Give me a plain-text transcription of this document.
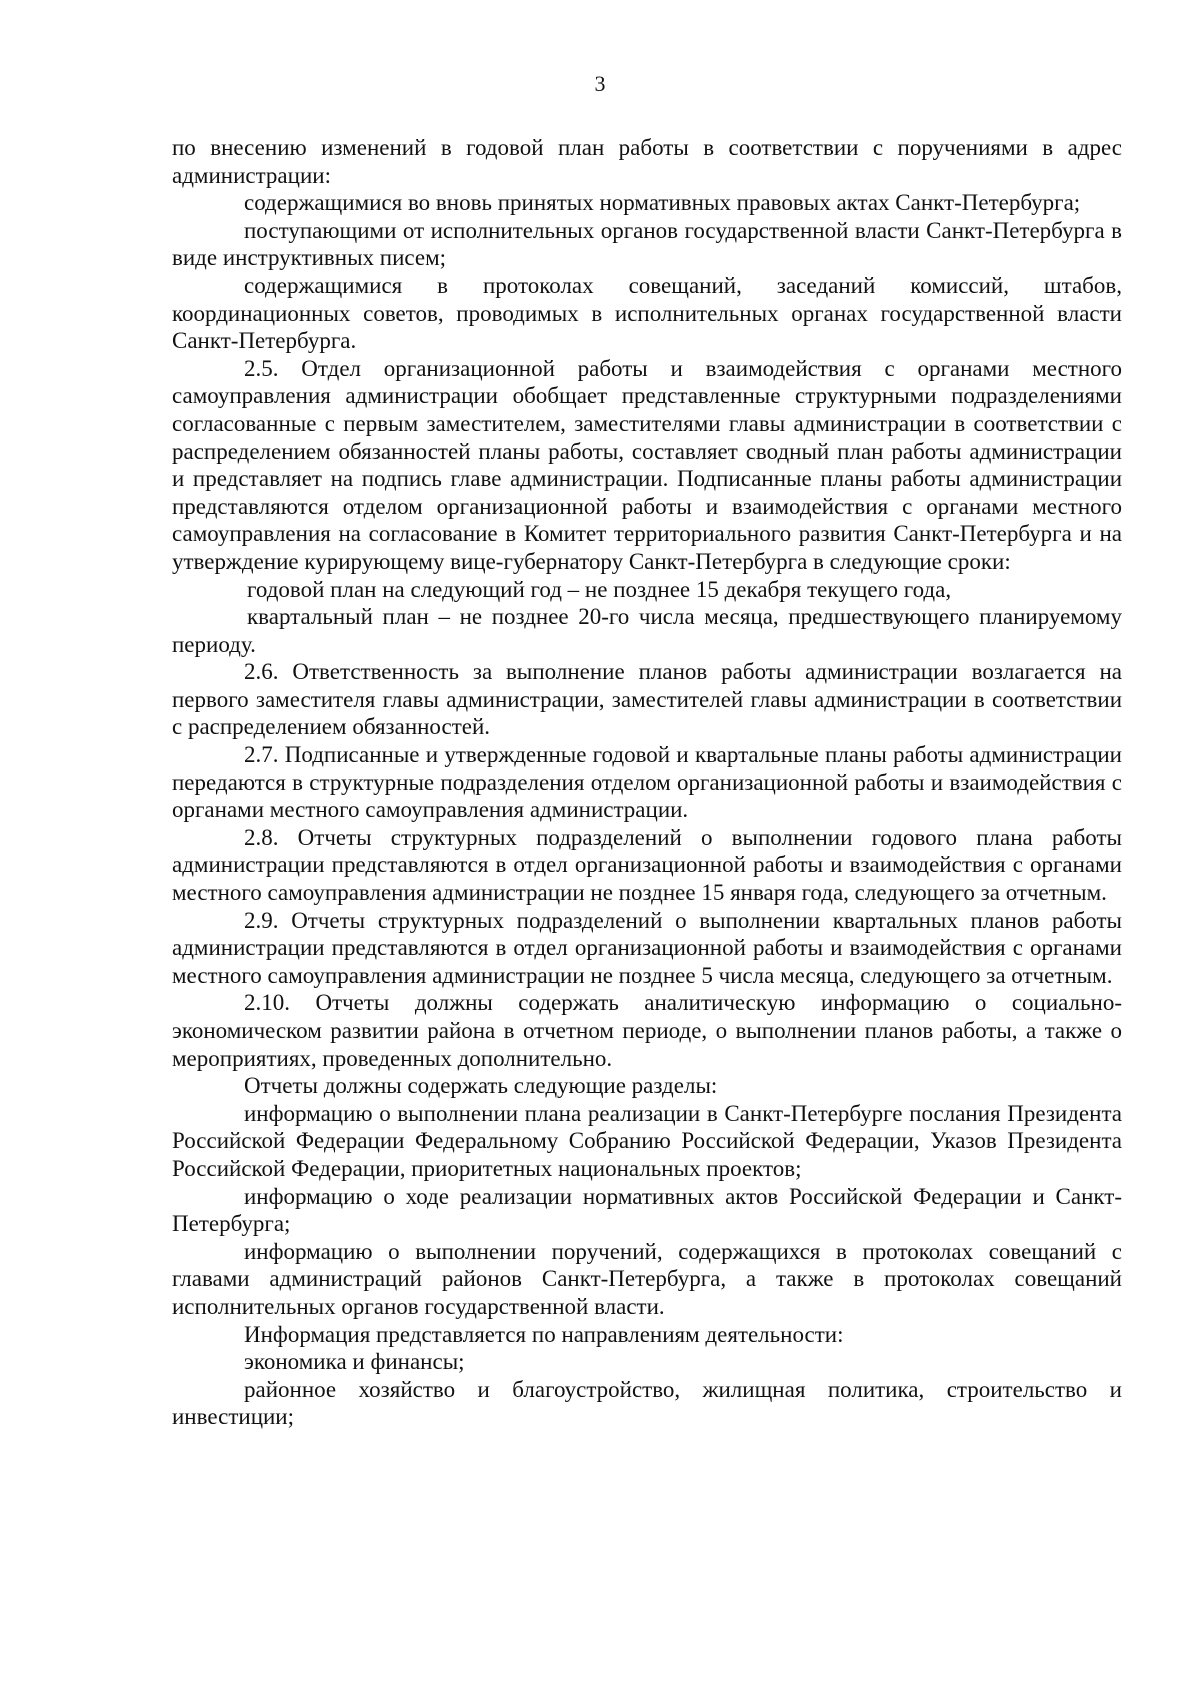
3

по внесению изменений в годовой план работы в соответствии с поручениями в адрес администрации:

содержащимися во вновь принятых нормативных правовых актах Санкт-Петербурга;

поступающими от исполнительных органов государственной власти Санкт-Петербурга в виде инструктивных писем;

содержащимися в протоколах совещаний, заседаний комиссий, штабов, координационных советов, проводимых в исполнительных органах государственной власти Санкт-Петербурга.

2.5. Отдел организационной работы и взаимодействия с органами местного самоуправления администрации обобщает представленные структурными подразделениями согласованные с первым заместителем, заместителями главы администрации в соответствии с распределением обязанностей планы работы, составляет сводный план работы администрации и представляет на подпись главе администрации. Подписанные планы работы администрации представляются отделом организационной работы и взаимодействия с органами местного самоуправления на согласование в Комитет территориального развития Санкт-Петербурга и на утверждение курирующему вице-губернатору Санкт-Петербурга в следующие сроки:

годовой план на следующий год – не позднее 15 декабря текущего года,

квартальный план – не позднее 20-го числа месяца, предшествующего планируемому периоду.

2.6. Ответственность за выполнение планов работы администрации возлагается на первого заместителя главы администрации, заместителей главы администрации в соответствии с распределением обязанностей.

2.7. Подписанные и утвержденные годовой и квартальные планы работы администрации передаются в структурные подразделения отделом организационной работы и взаимодействия с органами местного самоуправления администрации.

2.8. Отчеты структурных подразделений о выполнении годового плана работы администрации представляются в отдел организационной работы и взаимодействия с органами местного самоуправления администрации не позднее 15 января года, следующего за отчетным.

2.9. Отчеты структурных подразделений о выполнении квартальных планов работы администрации представляются в отдел организационной работы и взаимодействия с органами местного самоуправления администрации не позднее 5 числа месяца, следующего за отчетным.

2.10. Отчеты должны содержать аналитическую информацию о социально-экономическом развитии района в отчетном периоде, о выполнении планов работы, а также о мероприятиях, проведенных дополнительно.

Отчеты должны содержать следующие разделы:

информацию о выполнении плана реализации в Санкт-Петербурге послания Президента Российской Федерации Федеральному Собранию Российской Федерации, Указов Президента Российской Федерации, приоритетных национальных проектов;

информацию о ходе реализации нормативных актов Российской Федерации и Санкт-Петербурга;

информацию о выполнении поручений, содержащихся в протоколах совещаний с главами администраций районов Санкт-Петербурга, а также в протоколах совещаний исполнительных органов государственной власти.

Информация представляется по направлениям деятельности:

экономика и финансы;

районное хозяйство и благоустройство, жилищная политика, строительство и инвестиции;
